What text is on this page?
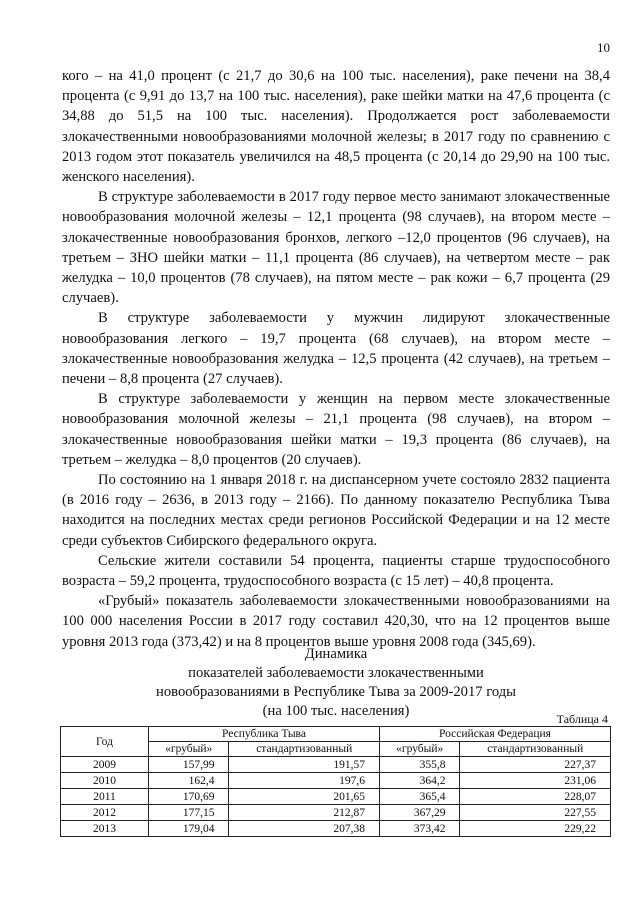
10

кого – на 41,0 процент (с 21,7 до 30,6 на 100 тыс. населения), раке печени на 38,4 процента (с 9,91 до 13,7 на 100 тыс. населения), раке шейки матки на 47,6 процента (с 34,88 до 51,5 на 100 тыс. населения). Продолжается рост заболеваемости злокачественными новообразованиями молочной железы; в 2017 году по сравнению с 2013 годом этот показатель увеличился на 48,5 процента (с 20,14 до 29,90 на 100 тыс. женского населения).

В структуре заболеваемости в 2017 году первое место занимают злокачественные новообразования молочной железы – 12,1 процента (98 случаев), на втором месте – злокачественные новообразования бронхов, легкого –12,0 процентов (96 случаев), на третьем – ЗНО шейки матки – 11,1 процента (86 случаев), на четвертом месте – рак желудка – 10,0 процентов (78 случаев), на пятом месте – рак кожи – 6,7 процента (29 случаев).

В структуре заболеваемости у мужчин лидируют злокачественные новообразования легкого – 19,7 процента (68 случаев), на втором месте – злокачественные новообразования желудка – 12,5 процента (42 случаев), на третьем – печени – 8,8 процента (27 случаев).

В структуре заболеваемости у женщин на первом месте злокачественные новообразования молочной железы – 21,1 процента (98 случаев), на втором – злокачественные новообразования шейки матки – 19,3 процента (86 случаев), на третьем – желудка – 8,0 процентов (20 случаев).

По состоянию на 1 января 2018 г. на диспансерном учете состояло 2832 пациента (в 2016 году – 2636, в 2013 году – 2166). По данному показателю Республика Тыва находится на последних местах среди регионов Российской Федерации и на 12 месте среди субъектов Сибирского федерального округа.

Сельские жители составили 54 процента, пациенты старше трудоспособного возраста – 59,2 процента, трудоспособного возраста (с 15 лет) – 40,8 процента.

«Грубый» показатель заболеваемости злокачественными новообразованиями на 100 000 населения России в 2017 году составил 420,30, что на 12 процентов выше уровня 2013 года (373,42) и на 8 процентов выше уровня 2008 года (345,69).

Динамика
показателей заболеваемости злокачественными
новообразованиями в Республике Тыва за 2009-2017 годы
(на 100 тыс. населения)	Таблица 4
Год	Республика Тыва		Российская Федерация	
	«грубый»	стандартизованный	«грубый»	стандартизованный
2009	157,99	191,57	355,8	227,37
2010	162,4	197,6	364,2	231,06
2011	170,69	201,65	365,4	228,07
2012	177,15	212,87	367,29	227,55
2013	179,04	207,38	373,42	229,22
